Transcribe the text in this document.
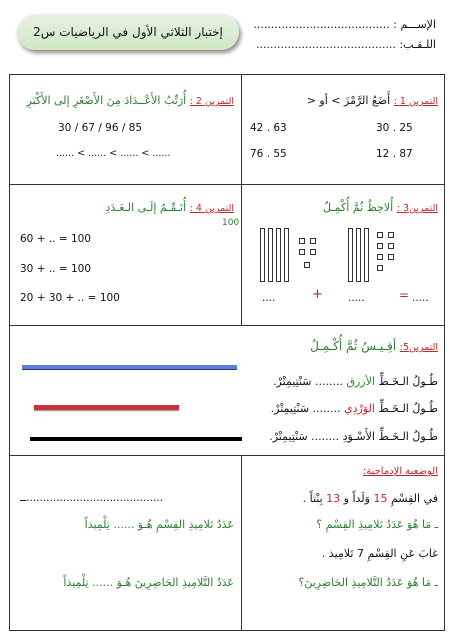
إختبار الثلاثي الأول في الرياضيات س2
الإســـم : .......................................
اللـقـب: ........................................
التمرين 1 : أَضَعُ الرَّمْزَ > أو <
30 . 25
42 . 63
12 . 87
76 . 55
التمرين 2 : أُرَتِّبُ الأَعْــدَادَ مِنَ الأَصْغَرِ إلى الأَكْبَرِ
30 / 67 / 96 / 85
...... < ...... < ...... < ......
التمرين3 : أُلاحِظُ ثُمَّ أُكْمِـلُ
....	+ .....	= .....
التمرين 4 : أُتَـمِّـمُ إلَـى الـعَـدَدِ
100
60 + .. = 100
30 + .. = 100
20 + 30 + .. = 100
التمرين5: أقِـيـسُ ثُمَّ أُكْـمِـلُ
طُـولُ الـخَـطِّ الأزرق ........ سَنْتِيمِتْرْ.
طُـولُ الـخَـطِّ الوَرْدِي ........ سَنْتِيمِتْرْ.
طُـولُ الـخَـطِّ الأَسْـوَدِ ........ سَنْتِيمِتْرْ.
الوضعية الإدماجية:
في القِسْمِ 15 وَلَداً و 13 بِنْتاً .
ـ مَا هُوَ عَدَدُ تَلامِيذِ القِسْمِ ؟
غابَ عَنِ القِسْمِ 7 تَلامِيذ .
ـ مَا هُوَ عَدَدُ التَّلامِيذِ الحَاضِرِينَ؟
ــ.........................................
عَدَدُ تَلامِيذِ القِسْمِ هُـوَ ...... تِلْمِيذاً
عَدَدُ التَّلامِيذِ الحَاضِرِينَ هُـوَ ...... تِلْمِيذاً
